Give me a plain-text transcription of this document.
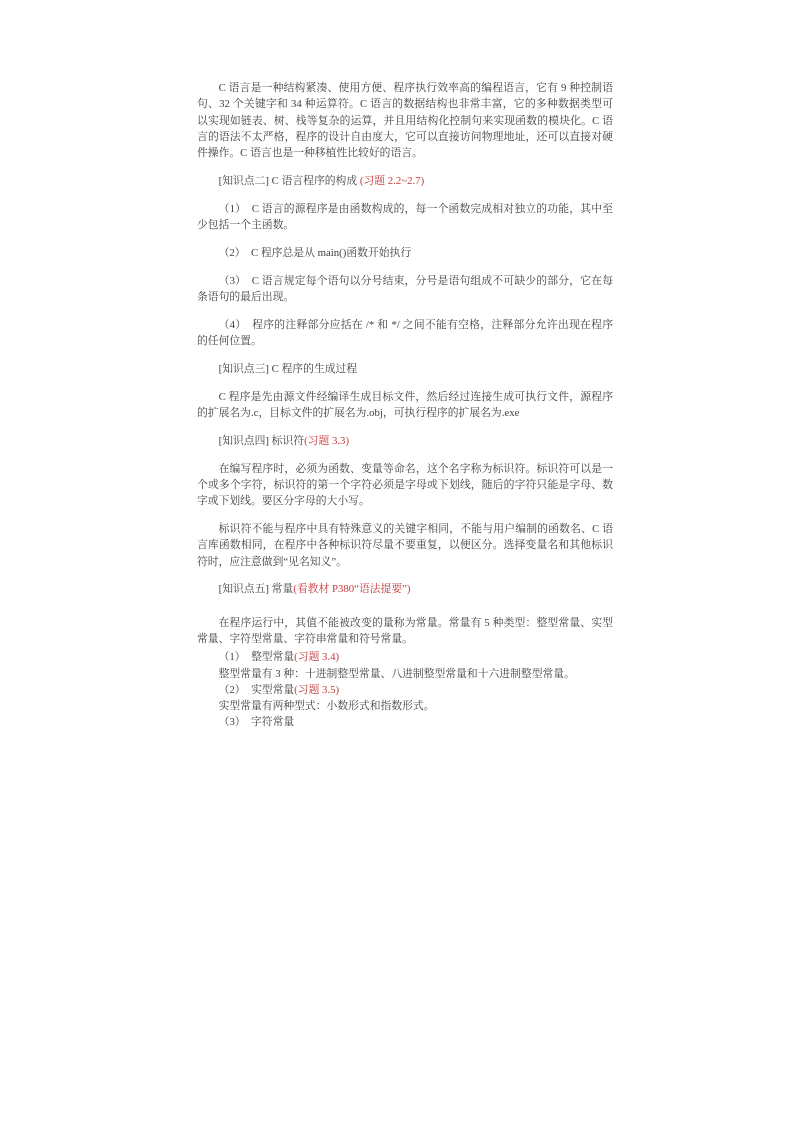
C 语言是一种结构紧凑、使用方便、程序执行效率高的编程语言，它有 9 种控制语句、32 个关键字和 34 种运算符。C 语言的数据结构也非常丰富，它的多种数据类型可以实现如链表、树、栈等复杂的运算，并且用结构化控制句来实现函数的模块化。C 语言的语法不太严格，程序的设计自由度大，它可以直接访问物理地址，还可以直接对硬件操作。C 语言也是一种移植性比较好的语言。

[知识点二] C 语言程序的构成 (习题 2.2~2.7)

（1）　C 语言的源程序是由函数构成的，每一个函数完成相对独立的功能，其中至少包括一个主函数。

（2）　C 程序总是从 main()函数开始执行

（3）　C 语言规定每个语句以分号结束，分号是语句组成不可缺少的部分，它在每条语句的最后出现。

（4）　程序的注释部分应括在 /* 和 */ 之间不能有空格，注释部分允许出现在程序的任何位置。

[知识点三] C 程序的生成过程

C 程序是先由源文件经编译生成目标文件，然后经过连接生成可执行文件，源程序的扩展名为.c，目标文件的扩展名为.obj，可执行程序的扩展名为.exe

[知识点四] 标识符(习题 3.3)

在编写程序时，必须为函数、变量等命名，这个名字称为标识符。标识符可以是一个或多个字符，标识符的第一个字符必须是字母或下划线，随后的字符只能是字母、数字或下划线。要区分字母的大小写。

标识符不能与程序中具有特殊意义的关键字相同，不能与用户编制的函数名、C 语言库函数相同，在程序中各种标识符尽量不要重复，以便区分。选择变量名和其他标识符时，应注意做到“见名知义”。

[知识点五] 常量(看教材 P380“语法提要”)

在程序运行中，其值不能被改变的量称为常量。常量有 5 种类型：整型常量、实型常量、字符型常量、字符串常量和符号常量。

（1）　整型常量(习题 3.4)

整型常量有 3 种：十进制整型常量、八进制整型常量和十六进制整型常量。

（2）　实型常量(习题 3.5)

实型常量有两种型式：小数形式和指数形式。

（3）　字符常量
